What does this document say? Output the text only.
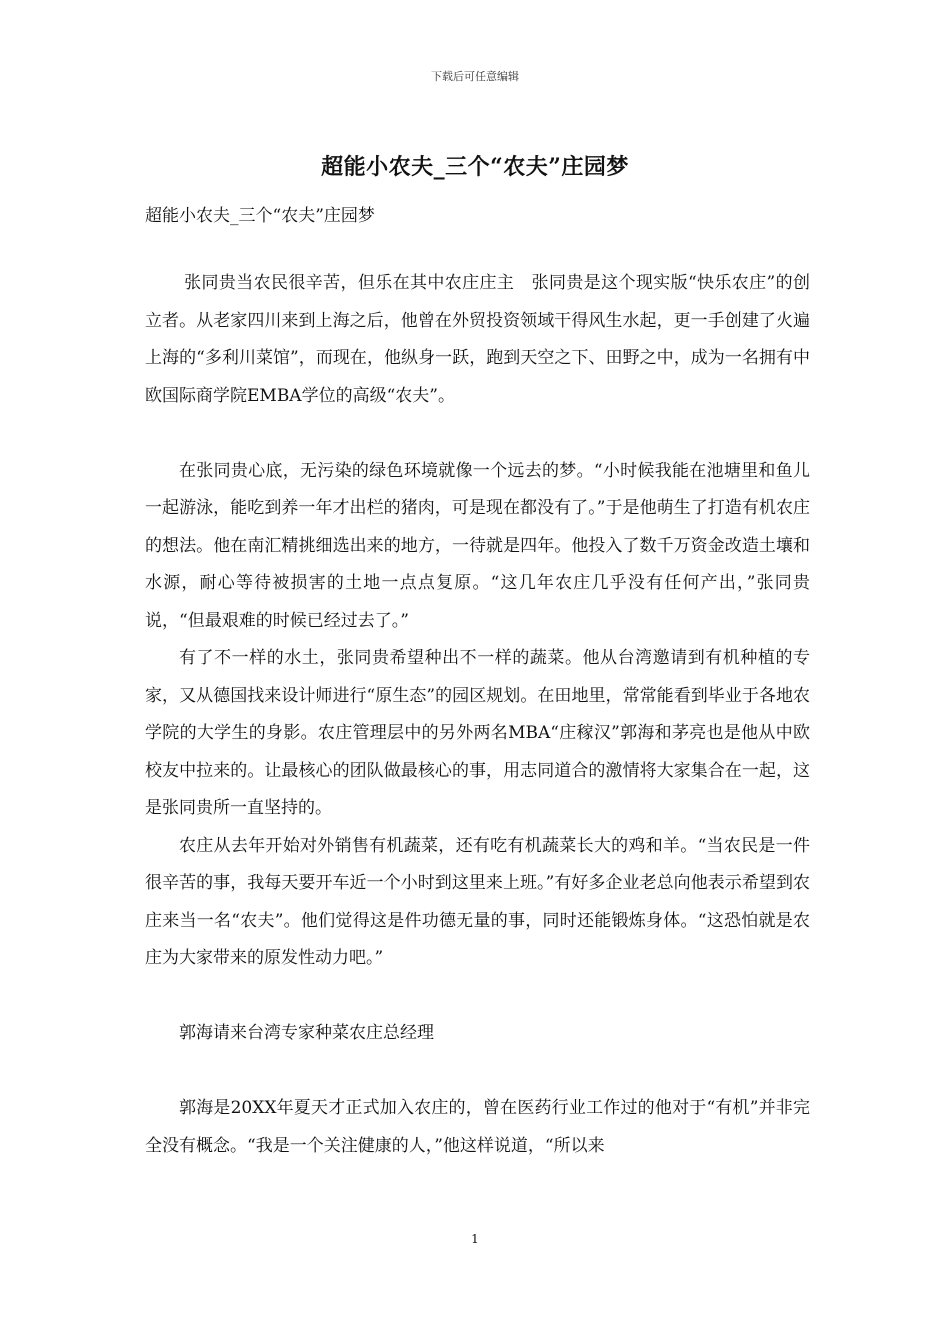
下载后可任意编辑
超能小农夫_三个“农夫”庄园梦
超能小农夫_三个“农夫”庄园梦

张同贵当农民很辛苦，但乐在其中农庄庄主　张同贵是这个现实版“快乐农庄”的创立者。从老家四川来到上海之后，他曾在外贸投资领域干得风生水起，更一手创建了火遍上海的“多利川菜馆”，而现在，他纵身一跃，跑到天空之下、田野之中，成为一名拥有中欧国际商学院EMBA学位的高级“农夫”。

在张同贵心底，无污染的绿色环境就像一个远去的梦。“小时候我能在池塘里和鱼儿一起游泳，能吃到养一年才出栏的猪肉，可是现在都没有了。”于是他萌生了打造有机农庄的想法。他在南汇精挑细选出来的地方，一待就是四年。他投入了数千万资金改造土壤和水源，耐心等待被损害的土地一点点复原。“这几年农庄几乎没有任何产出，”张同贵说，“但最艰难的时候已经过去了。”

有了不一样的水土，张同贵希望种出不一样的蔬菜。他从台湾邀请到有机种植的专家，又从德国找来设计师进行“原生态”的园区规划。在田地里，常常能看到毕业于各地农学院的大学生的身影。农庄管理层中的另外两名MBA“庄稼汉”郭海和茅亮也是他从中欧校友中拉来的。让最核心的团队做最核心的事，用志同道合的激情将大家集合在一起，这是张同贵所一直坚持的。

农庄从去年开始对外销售有机蔬菜，还有吃有机蔬菜长大的鸡和羊。“当农民是一件很辛苦的事，我每天要开车近一个小时到这里来上班。”有好多企业老总向他表示希望到农庄来当一名“农夫”。他们觉得这是件功德无量的事，同时还能锻炼身体。“这恐怕就是农庄为大家带来的原发性动力吧。”

郭海请来台湾专家种菜农庄总经理

郭海是20XX年夏天才正式加入农庄的，曾在医药行业工作过的他对于“有机”并非完全没有概念。“我是一个关注健康的人，”他这样说道，“所以来

1
